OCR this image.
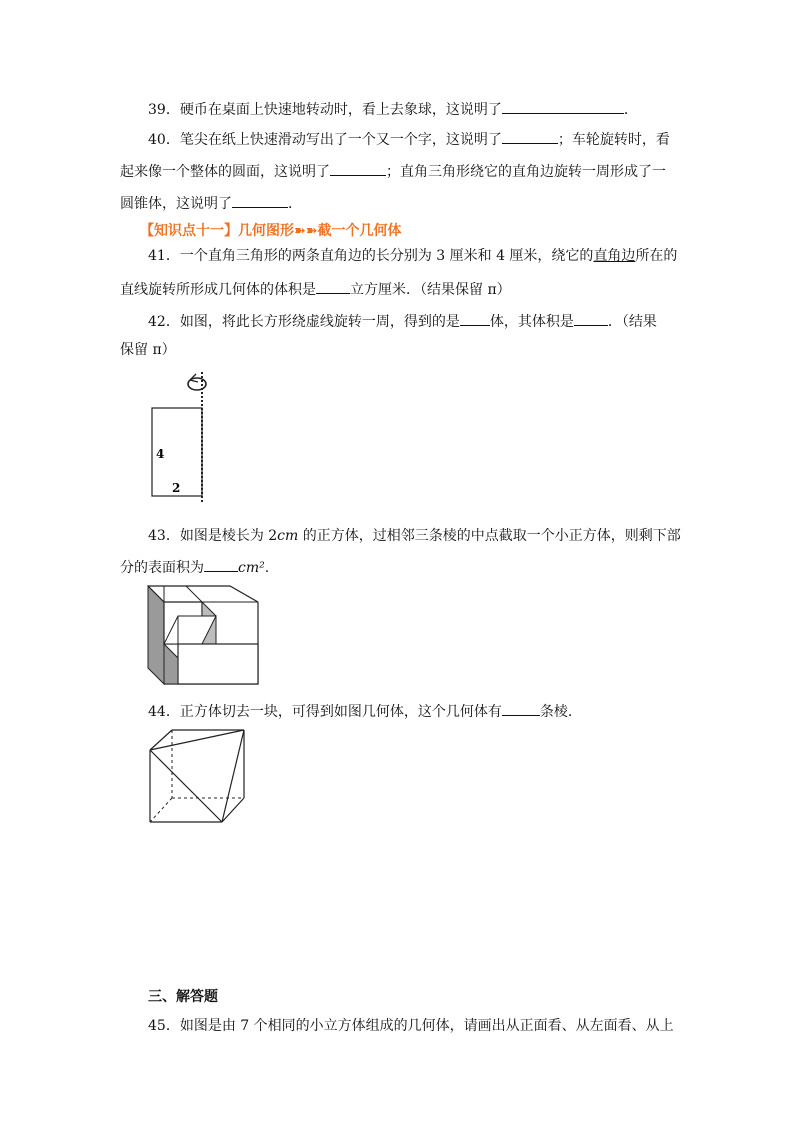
39．硬币在桌面上快速地转动时，看上去象球，这说明了	．
40．笔尖在纸上快速滑动写出了一个又一个字，这说明了	；车轮旋转时，看
起来像一个整体的圆面，这说明了	；直角三角形绕它的直角边旋转一周形成了一
圆锥体，这说明了	．
【知识点十一】几何图形➽➽截一个几何体
41．一个直角三角形的两条直角边的长分别为 3 厘米和 4 厘米，绕它的直角边所在的
直线旋转所形成几何体的体积是 立方厘米．（结果保留 π）
42．如图，将此长方形绕虚线旋转一周，得到的是 体，其体积是 ．（结果
保留 π）
4
2
43．如图是棱长为 2cm 的正方体，过相邻三条棱的中点截取一个小正方体，则剩下部
分的表面积为 cm².
44．正方体切去一块，可得到如图几何体，这个几何体有	条棱.
三、解答题
45．如图是由 7 个相同的小立方体组成的几何体，请画出从正面看、从左面看、从上
